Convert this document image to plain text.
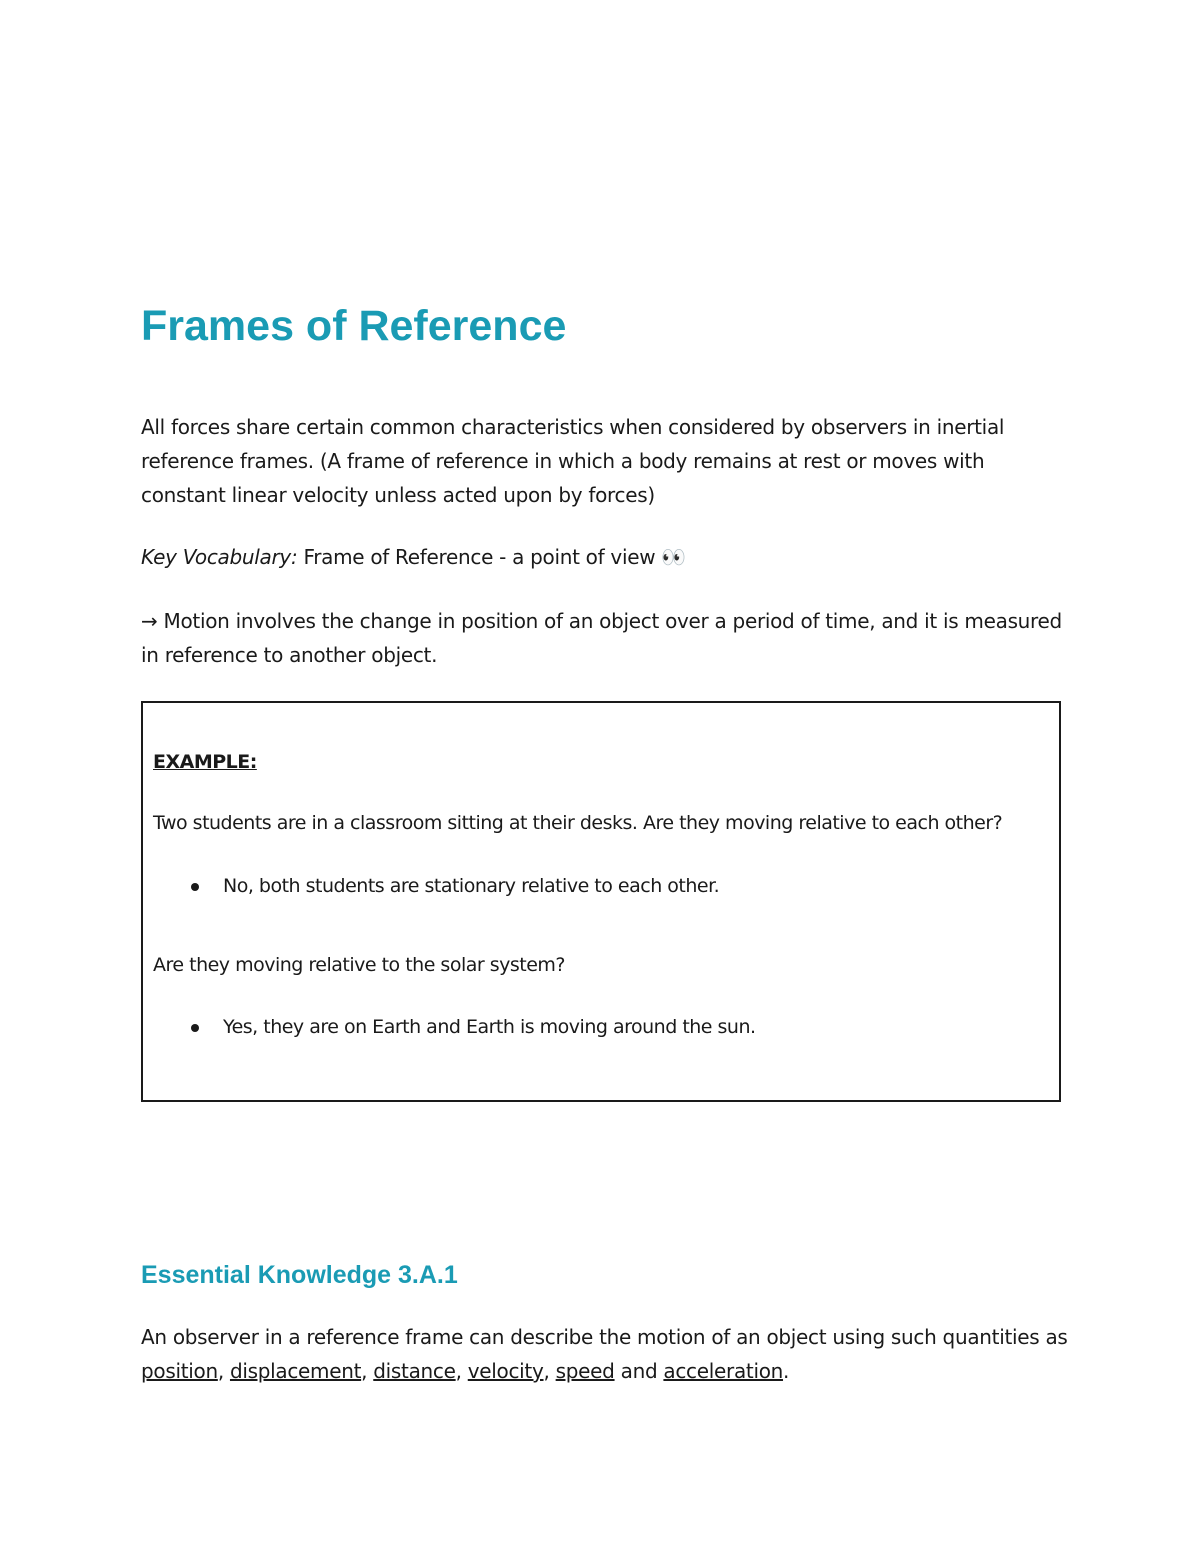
Frames of Reference

All forces share certain common characteristics when considered by observers in inertial reference frames. (A frame of reference in which a body remains at rest or moves with constant linear velocity unless acted upon by forces)

Key Vocabulary: Frame of Reference - a point of view 👀

→ Motion involves the change in position of an object over a period of time, and it is measured in reference to another object.

EXAMPLE:

Two students are in a classroom sitting at their desks. Are they moving relative to each other?

No, both students are stationary relative to each other.

Are they moving relative to the solar system?

Yes, they are on Earth and Earth is moving around the sun.

Essential Knowledge 3.A.1

An observer in a reference frame can describe the motion of an object using such quantities as position, displacement, distance, velocity, speed and acceleration.
